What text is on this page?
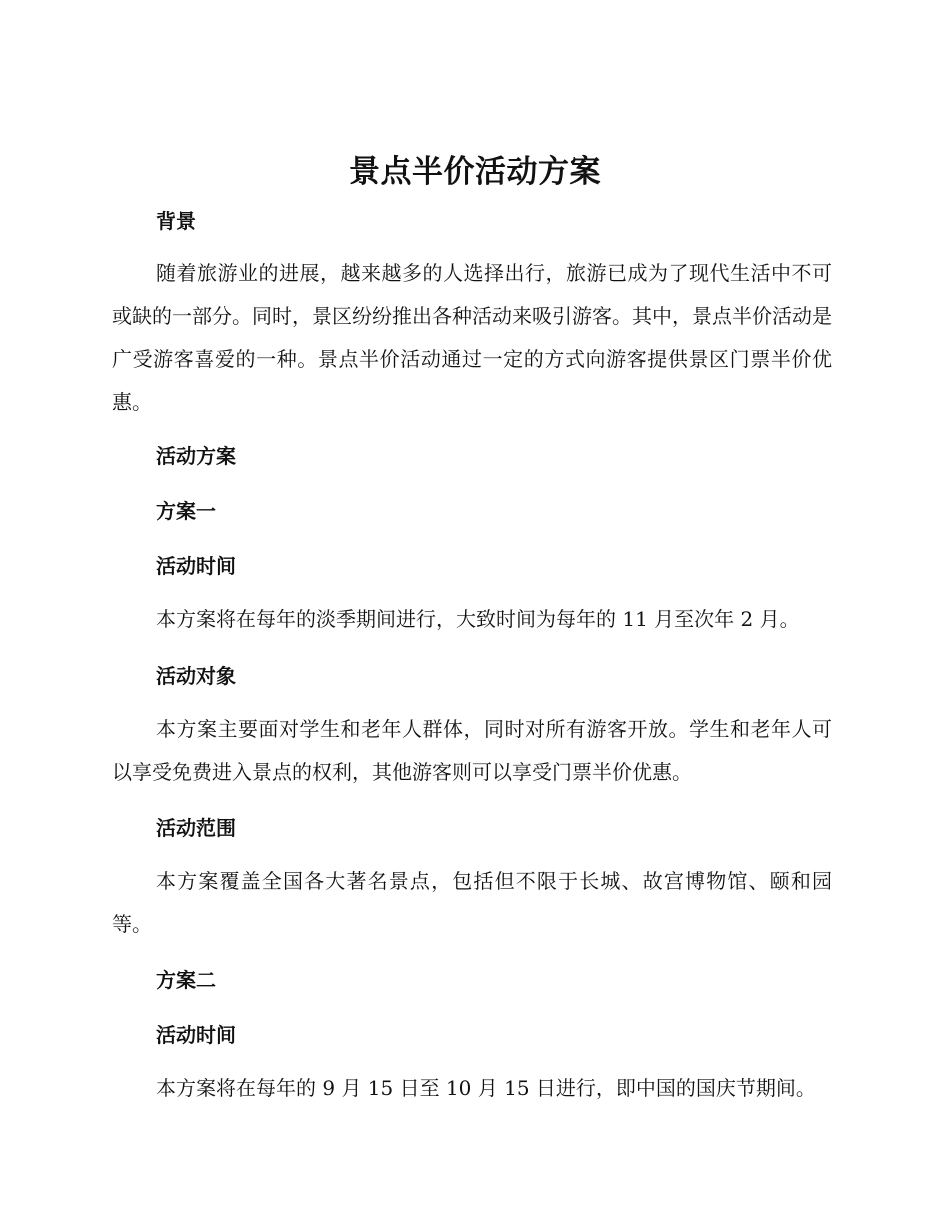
景点半价活动方案
背景

随着旅游业的进展，越来越多的人选择出行，旅游已成为了现代生活中不可或缺的一部分。同时，景区纷纷推出各种活动来吸引游客。其中，景点半价活动是广受游客喜爱的一种。景点半价活动通过一定的方式向游客提供景区门票半价优惠。

活动方案
方案一
活动时间

本方案将在每年的淡季期间进行，大致时间为每年的 11 月至次年 2 月。

活动对象

本方案主要面对学生和老年人群体，同时对所有游客开放。学生和老年人可以享受免费进入景点的权利，其他游客则可以享受门票半价优惠。

活动范围

本方案覆盖全国各大著名景点，包括但不限于长城、故宫博物馆、颐和园等。

方案二
活动时间

本方案将在每年的 9 月 15 日至 10 月 15 日进行，即中国的国庆节期间。
